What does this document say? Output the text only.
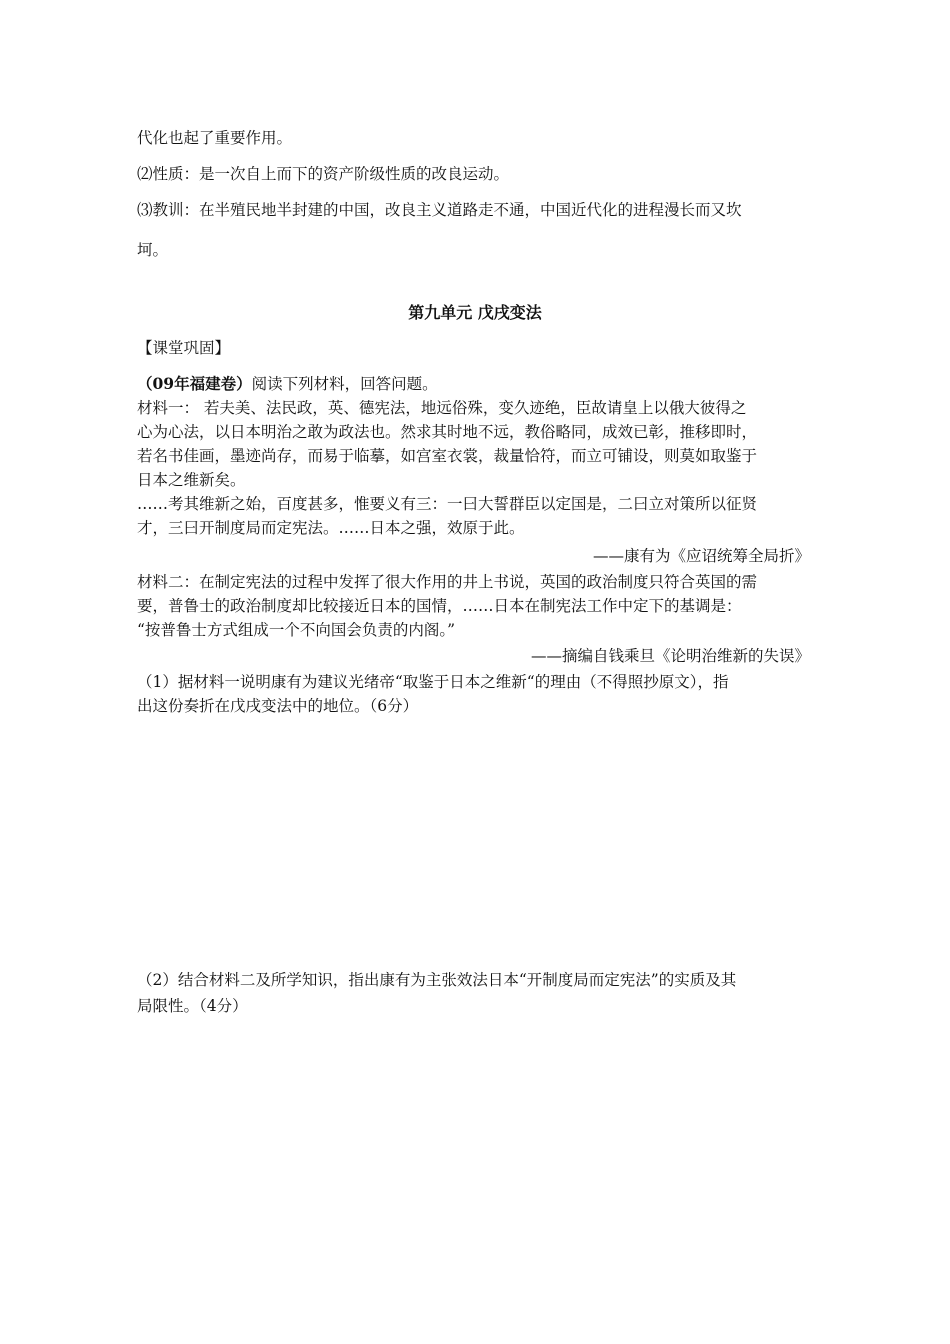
代化也起了重要作用。
⑵性质：是一次自上而下的资产阶级性质的改良运动。
⑶教训：在半殖民地半封建的中国，改良主义道路走不通，中国近代化的进程漫长而又坎
坷。
第九单元 戊戌变法
【课堂巩固】
（09年福建卷）阅读下列材料，回答问题。
材料一： 若夫美、法民政，英、德宪法，地远俗殊，变久迹绝，臣故请皇上以俄大彼得之
心为心法，以日本明治之敢为政法也。然求其时地不远，教俗略同，成效已彰，推移即时，
若名书佳画，墨迹尚存，而易于临摹，如宫室衣裳，裁量恰符，而立可铺设，则莫如取鉴于
日本之维新矣。
……考其维新之始，百度甚多，惟要义有三：一曰大誓群臣以定国是，二曰立对策所以征贤
才，三曰开制度局而定宪法。……日本之强，效原于此。
——康有为《应诏统筹全局折》
材料二：在制定宪法的过程中发挥了很大作用的井上书说，英国的政治制度只符合英国的需
要，普鲁士的政治制度却比较接近日本的国情，……日本在制宪法工作中定下的基调是：
“按普鲁士方式组成一个不向国会负责的内阁。”
——摘编自钱乘旦《论明治维新的失误》
（1）据材料一说明康有为建议光绪帝“取鉴于日本之维新“的理由（不得照抄原文），指
出这份奏折在戊戌变法中的地位。（6分）
（2）结合材料二及所学知识，指出康有为主张效法日本“开制度局而定宪法”的实质及其
局限性。（4分）
